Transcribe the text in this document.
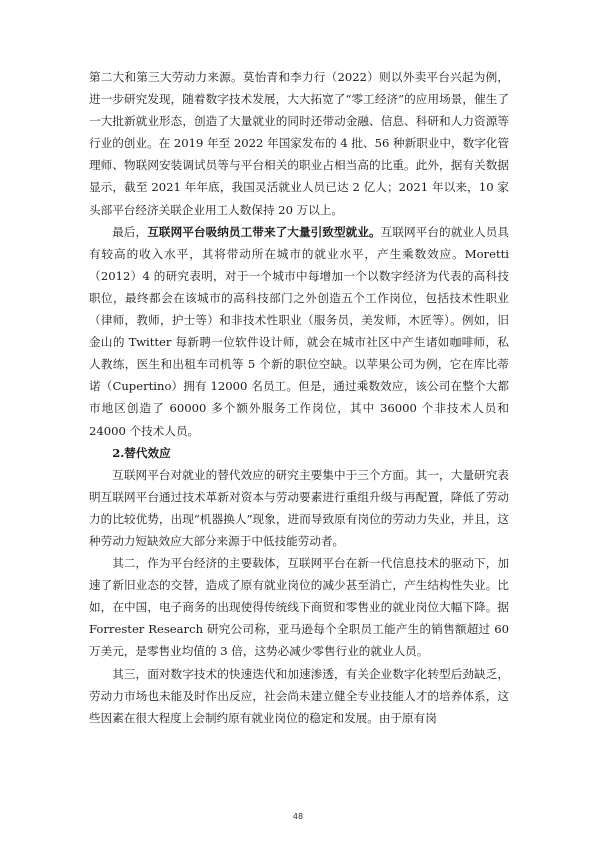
第二大和第三大劳动力来源。莫怡青和李力行（2022）则以外卖平台兴起为例，进一步研究发现，随着数字技术发展，大大拓宽了“零工经济”的应用场景，催生了一大批新就业形态，创造了大量就业的同时还带动金融、信息、科研和人力资源等行业的创业。在 2019 年至 2022 年国家发布的 4 批、56 种新职业中，数字化管理师、物联网安装调试员等与平台相关的职业占相当高的比重。此外，据有关数据显示，截至 2021 年年底，我国灵活就业人员已达 2 亿人；2021 年以来，10 家头部平台经济关联企业用工人数保持 20 万以上。

最后，互联网平台吸纳员工带来了大量引致型就业。互联网平台的就业人员具有较高的收入水平，其将带动所在城市的就业水平，产生乘数效应。Moretti（2012）4 的研究表明，对于一个城市中每增加一个以数字经济为代表的高科技职位，最终都会在该城市的高科技部门之外创造五个工作岗位，包括技术性职业（律师，教师，护士等）和非技术性职业（服务员，美发师，木匠等）。例如，旧金山的 Twitter 每新聘一位软件设计师，就会在城市社区中产生诸如咖啡师，私人教练，医生和出租车司机等 5 个新的职位空缺。以苹果公司为例，它在库比蒂诺（Cupertino）拥有 12000 名员工。但是，通过乘数效应，该公司在整个大都市地区创造了 60000 多个额外服务工作岗位，其中 36000 个非技术人员和 24000 个技术人员。

2.替代效应

互联网平台对就业的替代效应的研究主要集中于三个方面。其一，大量研究表明互联网平台通过技术革新对资本与劳动要素进行重组升级与再配置，降低了劳动力的比较优势，出现“机器换人”现象，进而导致原有岗位的劳动力失业，并且，这种劳动力短缺效应大部分来源于中低技能劳动者。

其二，作为平台经济的主要载体，互联网平台在新一代信息技术的驱动下，加速了新旧业态的交替，造成了原有就业岗位的减少甚至消亡，产生结构性失业。比如，在中国，电子商务的出现使得传统线下商贸和零售业的就业岗位大幅下降。据 Forrester Research 研究公司称，亚马逊每个全职员工能产生的销售额超过 60 万美元，是零售业均值的 3 倍，这势必减少零售行业的就业人员。

其三，面对数字技术的快速迭代和加速渗透，有关企业数字化转型后劲缺乏，劳动力市场也未能及时作出反应，社会尚未建立健全专业技能人才的培养体系，这些因素在很大程度上会制约原有就业岗位的稳定和发展。由于原有岗

48
